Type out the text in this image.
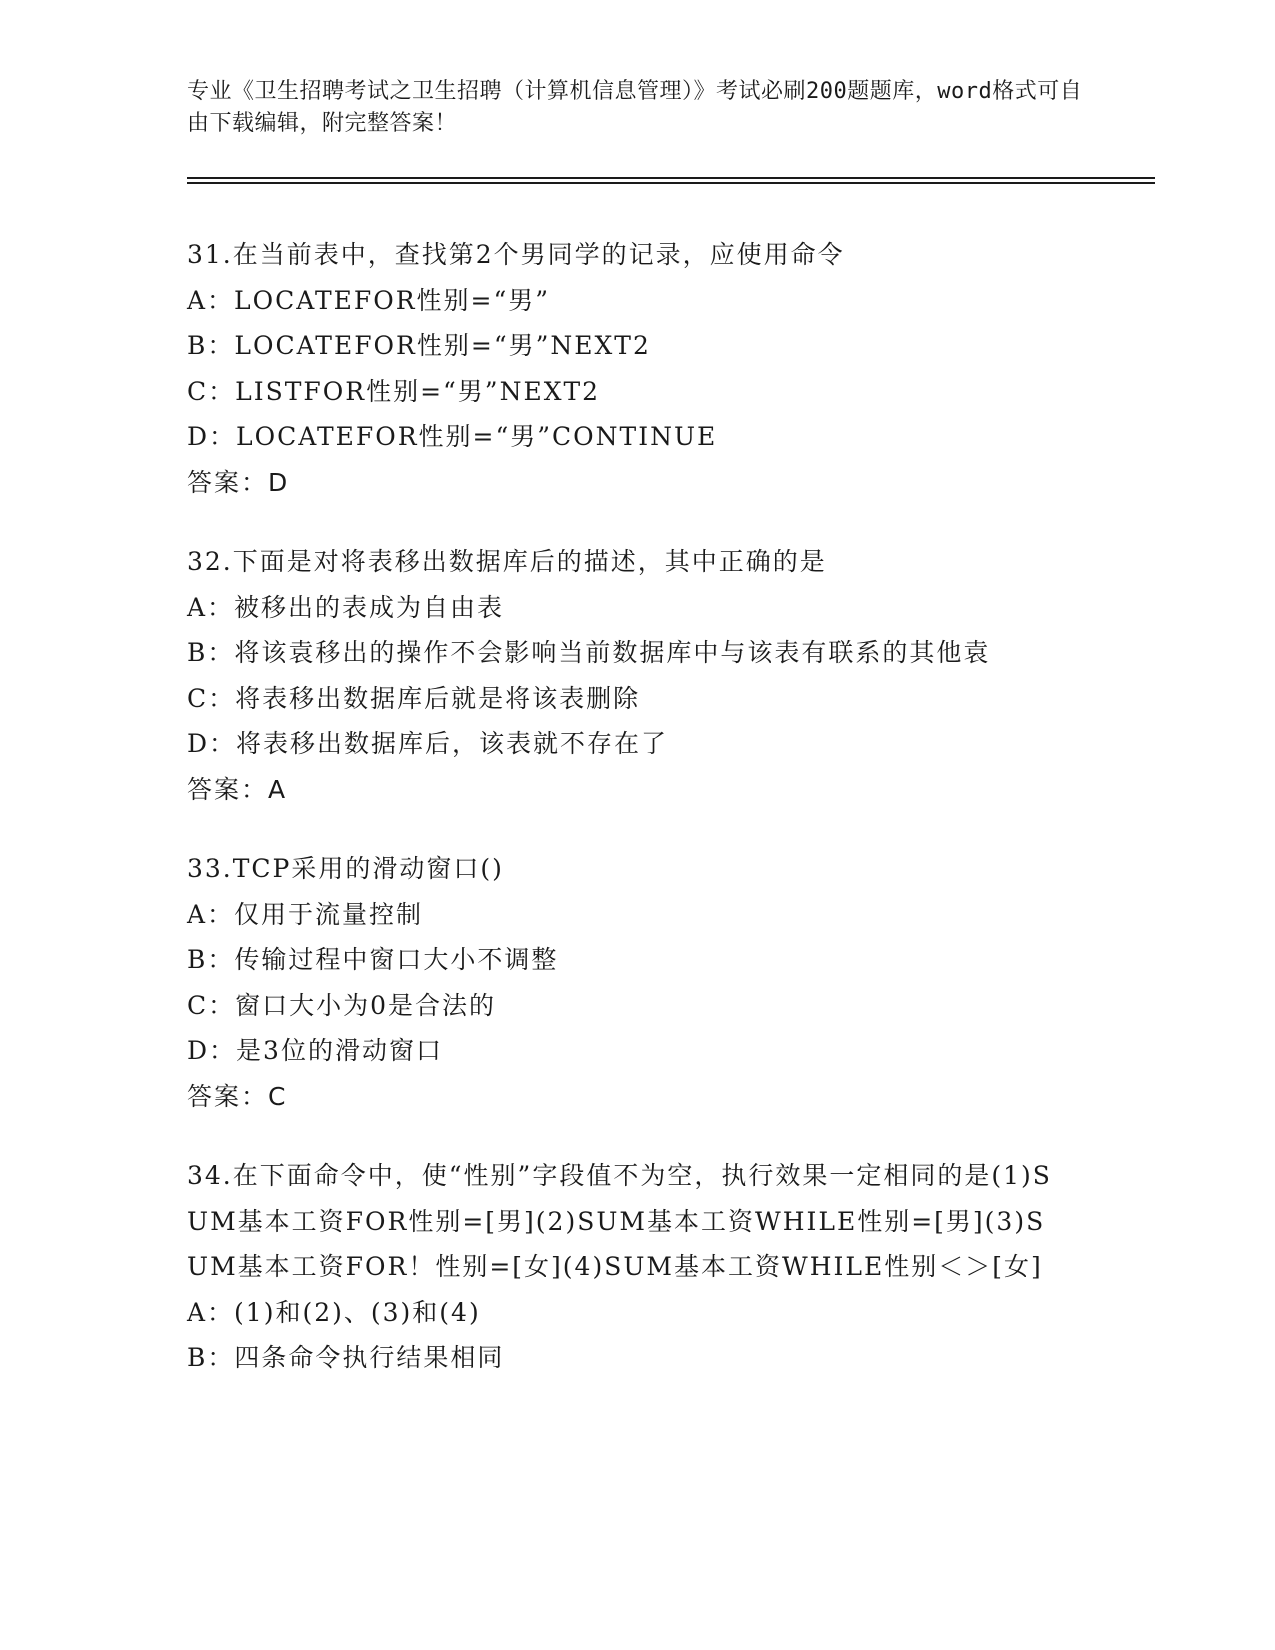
专业《卫生招聘考试之卫生招聘（计算机信息管理）》考试必刷200题题库，word格式可自由下载编辑，附完整答案！
31.在当前表中，查找第2个男同学的记录，应使用命令
A：LOCATEFOR性别=“男”
B：LOCATEFOR性别=“男”NEXT2
C：LISTFOR性别=“男”NEXT2
D：LOCATEFOR性别=“男”CONTINUE
答案：D
32.下面是对将表移出数据库后的描述，其中正确的是
A：被移出的表成为自由表
B：将该袁移出的操作不会影响当前数据库中与该表有联系的其他袁
C：将表移出数据库后就是将该表删除
D：将表移出数据库后，该表就不存在了
答案：A
33.TCP采用的滑动窗口()
A：仅用于流量控制
B：传输过程中窗口大小不调整
C：窗口大小为0是合法的
D：是3位的滑动窗口
答案：C
34.在下面命令中，使“性别”字段值不为空，执行效果一定相同的是(1)SUM基本工资FOR性别=[男](2)SUM基本工资WHILE性别=[男](3)SUM基本工资FOR！性别=[女](4)SUM基本工资WHILE性别＜＞[女]
A：(1)和(2)、(3)和(4)
B：四条命令执行结果相同
